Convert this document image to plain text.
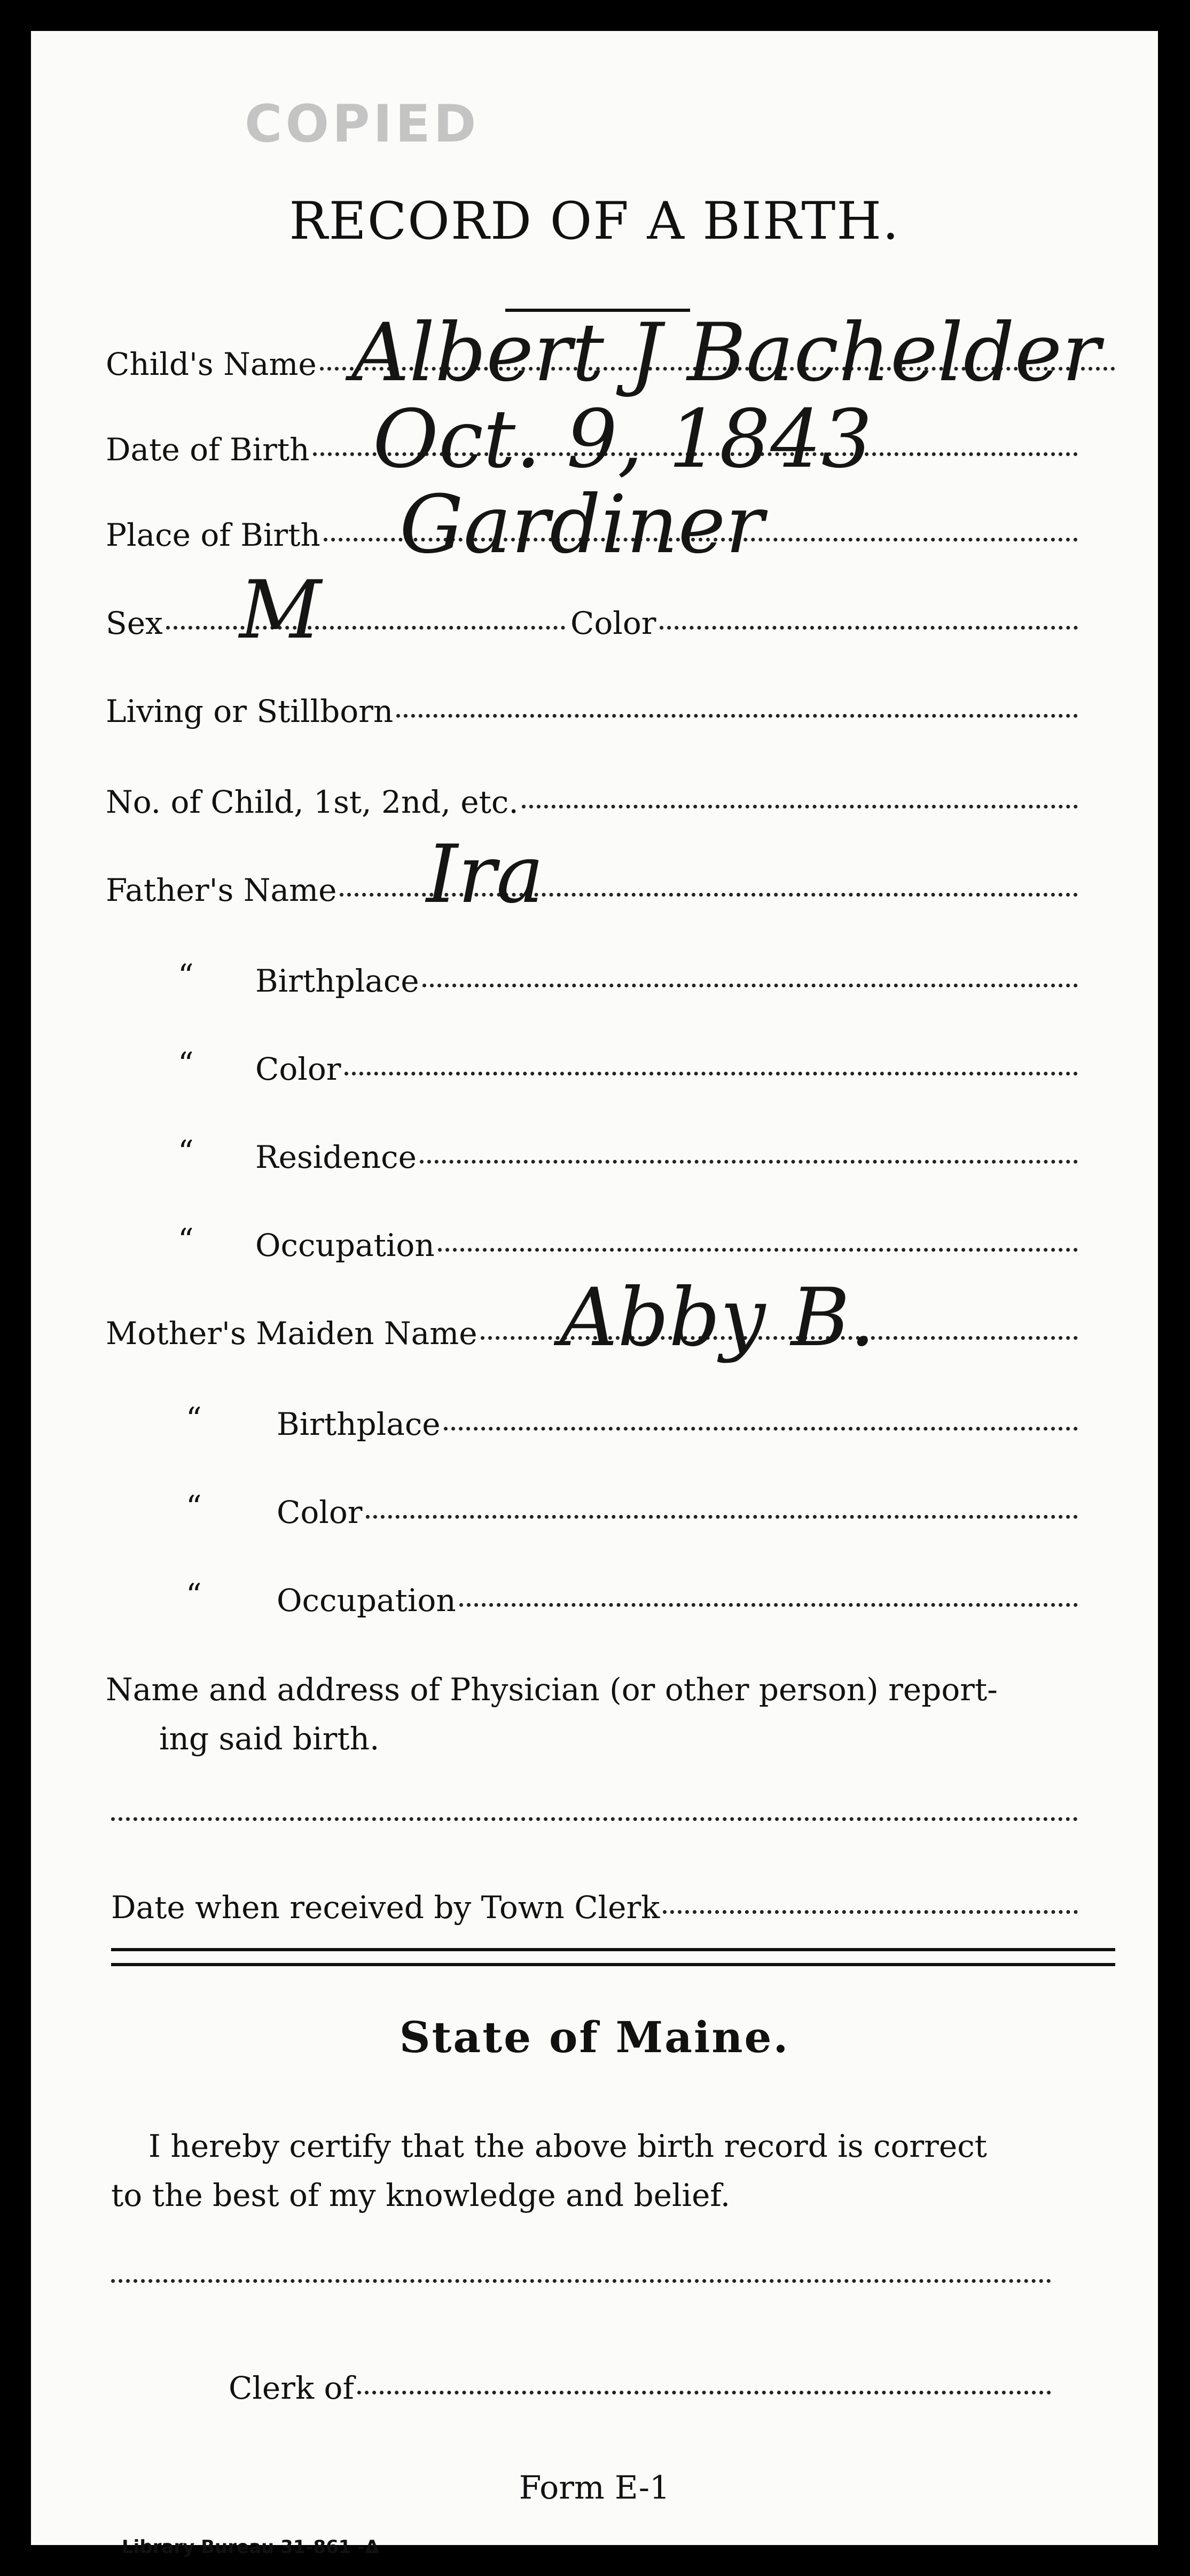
COPIED
RECORD OF A BIRTH.
Child's Name Albert J Bachelder
Date of Birth Oct. 9, 1843
Place of Birth Gardiner
Sex M	Color
Living or Stillborn
No. of Child, 1st, 2nd, etc.
Father's Name Ira
“ Birthplace
“ Color
“ Residence
“ Occupation
Mother's Maiden Name Abby B.
“ Birthplace
“ Color
“ Occupation
Name and address of Physician (or other person) report-
ing said birth.
Date when received by Town Clerk
State of Maine.
I hereby certify that the above birth record is correct
to the best of my knowledge and belief.
Clerk of
Form E-1
Library Bureau 31-861 -Δ
